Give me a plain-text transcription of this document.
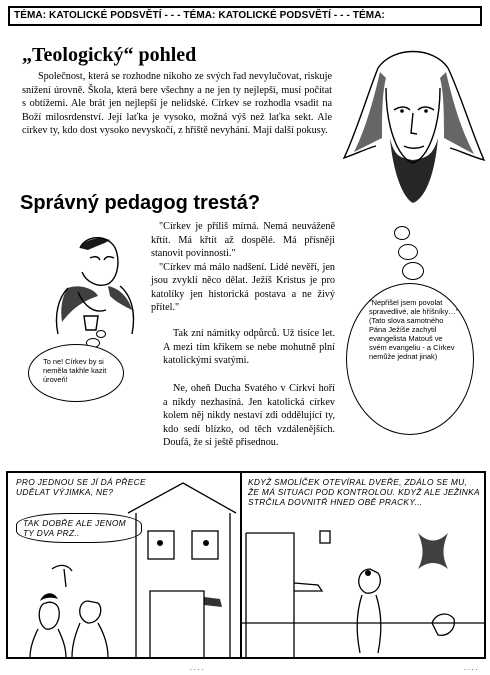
TÉMA: KATOLICKÉ PODSVĚTÍ - - - TÉMA: KATOLICKÉ PODSVĚTÍ - - - TÉMA:
„Teologický“ pohled

Společnost, která se rozhodne nikoho ze svých řad nevylučovat, riskuje snížení úrovně. Škola, která bere všechny a ne jen ty nejlepší, musí počítat s obtížemi. Ale brát jen nejlepší je nelidské. Církev se rozhodla vsadit na Boží milosrdenství. Její laťka je vysoko, možná výš než laťka sekt. Ale církev ty, kdo dost vysoko nevyskočí, z hřiště nevyhání. Mají další pokusy.

Správný pedagog trestá?

"Církev je příliš mírná. Nemá neuváženě křtít. Má křtít až dospělé. Má přísněji stanovit povinnosti."

"Církev má málo nadšení. Lidé nevěří, jen jsou zvyklí něco dělat. Ježíš Kristus je pro katolíky jen historická postava a ne živý přítel."

Tak zní námitky odpůrců. Už tisíce let. A mezi tím křikem se nebe mohutně plní katolickými svatými.

Ne, oheň Ducha Svatého v Církvi hoří a nikdy nezhasíná. Jen katolická církev kolem něj nikdy nestaví zdi oddělující ty, kdo sedí blízko, od těch vzdálenějších. Doufá, že si ještě přisednou.

To ne! Církev by si neměla takhle kazit úroveň!
"Nepřišel jsem povolat spravedlivé, ale hříšníky…" (Tato slova samotného Pána Ježíše zachytil evangelista Matouš ve svém evangeliu - a Církev nemůže jednat jinak)
PRO JEDNOU SE JÍ DÁ PŘECE UDĚLAT VÝJIMKA, NE?
TAK DOBŘE ALE JENOM TY DVA PRZ..
KDYŽ SMOLÍČEK OTEVÍRAL DVEŘE, ZDÁLO SE MU, ŽE MÁ SITUACI POD KONTROLOU. KDYŽ ALE JEŽINKA STRČILA DOVNITŘ HNED OBĚ PRACKY...
. . . .	. . . .
